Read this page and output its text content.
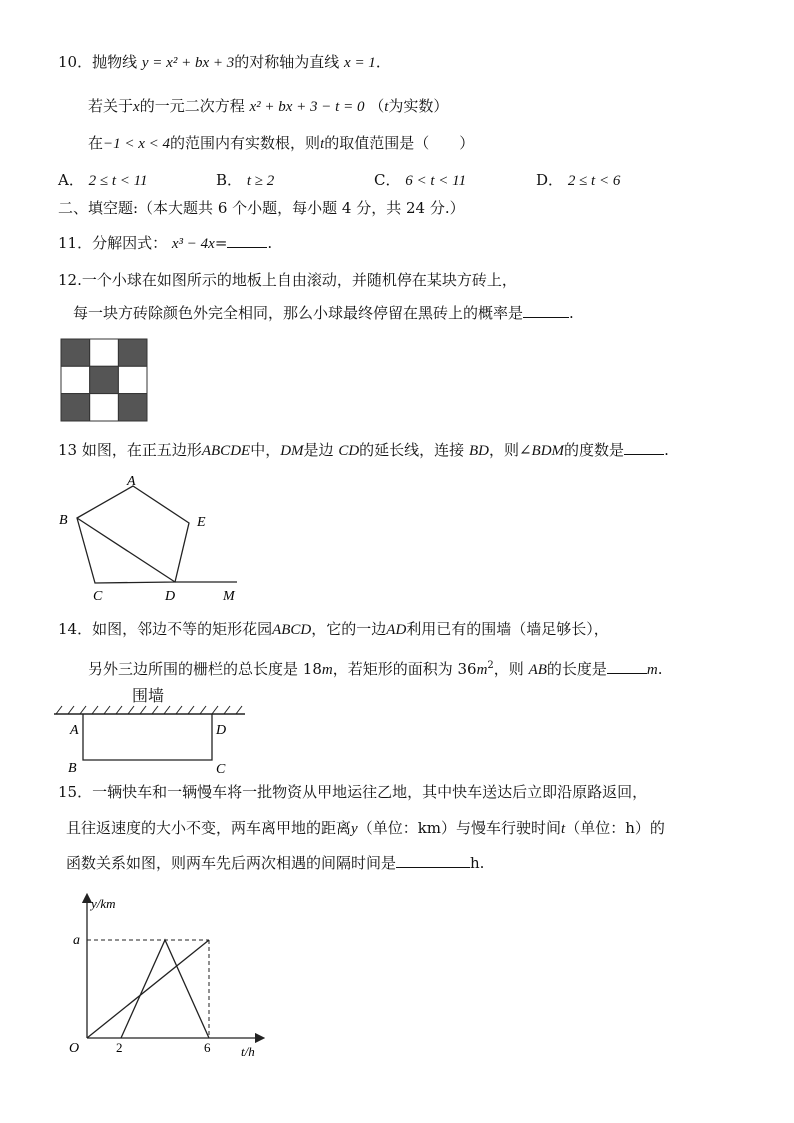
10．抛物线 y = x² + bx + 3的对称轴为直线 x = 1．
若关于x的一元二次方程 x² + bx + 3 − t = 0 （t为实数）
在−1 < x < 4的范围内有实数根，则t的取值范围是（　　）
A． 2 ≤ t < 11	B． t ≥ 2	C． 6 < t < 11	D． 2 ≤ t < 6
二、填空题:（本大题共 6 个小题，每小题 4 分，共 24 分.）
11．分解因式： x³ − 4x=	.
12.一个小球在如图所示的地板上自由滚动，并随机停在某块方砖上，
每一块方砖除颜色外完全相同，那么小球最终停留在黑砖上的概率是	.
13 如图，在正五边形ABCDE中，DM是边 CD的延长线，连接 BD，则∠BDM的度数是	.
A
B	E
C	D	M
14．如图，邻边不等的矩形花园ABCD，它的一边AD利用已有的围墙（墙足够长），
另外三边所围的栅栏的总长度是 18m，若矩形的面积为 $36m^2$，则 AB的长度是	m.
围墙
A
B
D
C
15．一辆快车和一辆慢车将一批物资从甲地运往乙地，其中快车送达后立即沿原路返回，
且往返速度的大小不变，两车离甲地的距离y（单位：km）与慢车行驶时间t（单位：h）的
函数关系如图，则两车先后两次相遇的间隔时间是	h.
y/km
t/h
a
O	2	6
